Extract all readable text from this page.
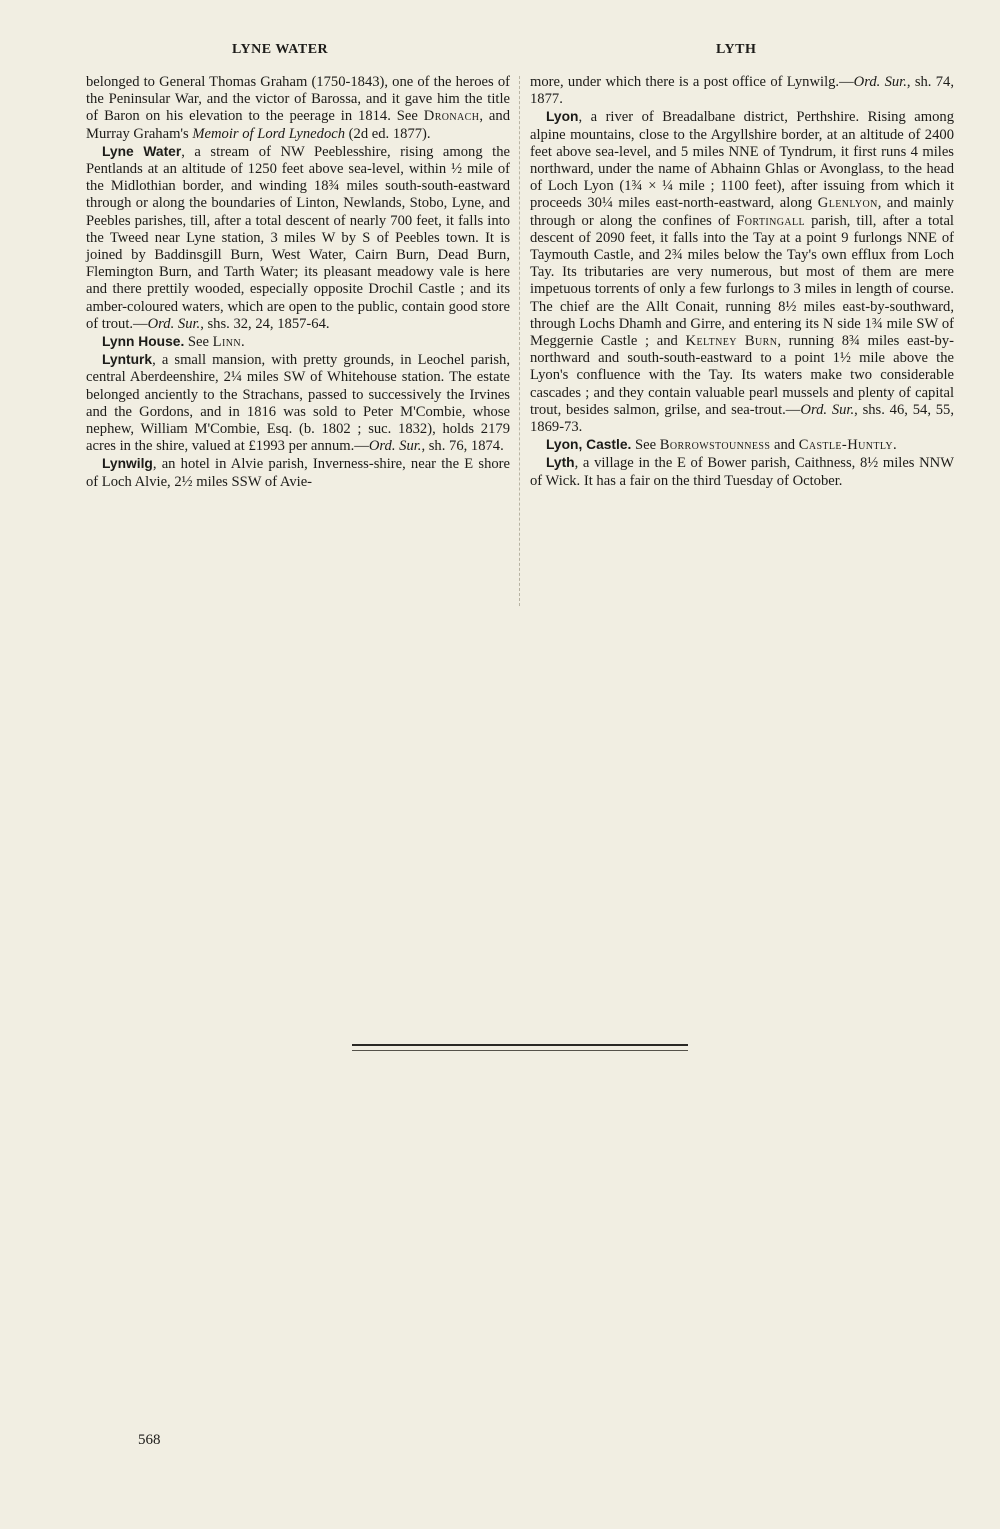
LYNE WATER	LYTH

belonged to General Thomas Graham (1750-1843), one of the heroes of the Peninsular War, and the victor of Barossa, and it gave him the title of Baron on his elevation to the peerage in 1814. See Dronach, and Murray Graham's Memoir of Lord Lynedoch (2d ed. 1877).

Lyne Water, a stream of NW Peeblesshire, rising among the Pentlands at an altitude of 1250 feet above sea-level, within ½ mile of the Midlothian border, and winding 18¾ miles south-south-eastward through or along the boundaries of Linton, Newlands, Stobo, Lyne, and Peebles parishes, till, after a total descent of nearly 700 feet, it falls into the Tweed near Lyne station, 3 miles W by S of Peebles town. It is joined by Baddinsgill Burn, West Water, Cairn Burn, Dead Burn, Flemington Burn, and Tarth Water; its pleasant meadowy vale is here and there prettily wooded, especially opposite Drochil Castle ; and its amber-coloured waters, which are open to the public, contain good store of trout.—Ord. Sur., shs. 32, 24, 1857-64.

Lynn House. See Linn.

Lynturk, a small mansion, with pretty grounds, in Leochel parish, central Aberdeenshire, 2¼ miles SW of Whitehouse station. The estate belonged anciently to the Strachans, passed to successively the Irvines and the Gordons, and in 1816 was sold to Peter M'Combie, whose nephew, William M'Combie, Esq. (b. 1802 ; suc. 1832), holds 2179 acres in the shire, valued at £1993 per annum.—Ord. Sur., sh. 76, 1874.

Lynwilg, an hotel in Alvie parish, Inverness-shire, near the E shore of Loch Alvie, 2½ miles SSW of Avie-

more, under which there is a post office of Lynwilg.—Ord. Sur., sh. 74, 1877.

Lyon, a river of Breadalbane district, Perthshire. Rising among alpine mountains, close to the Argyllshire border, at an altitude of 2400 feet above sea-level, and 5 miles NNE of Tyndrum, it first runs 4 miles northward, under the name of Abhainn Ghlas or Avonglass, to the head of Loch Lyon (1¾ × ¼ mile ; 1100 feet), after issuing from which it proceeds 30¼ miles east-north-eastward, along Glenlyon, and mainly through or along the confines of Fortingall parish, till, after a total descent of 2090 feet, it falls into the Tay at a point 9 furlongs NNE of Taymouth Castle, and 2¾ miles below the Tay's own efflux from Loch Tay. Its tributaries are very numerous, but most of them are mere impetuous torrents of only a few furlongs to 3 miles in length of course. The chief are the Allt Conait, running 8½ miles east-by-southward, through Lochs Dhamh and Girre, and entering its N side 1¾ mile SW of Meggernie Castle ; and Keltney Burn, running 8¾ miles east-by-northward and south-south-eastward to a point 1½ mile above the Lyon's confluence with the Tay. Its waters make two considerable cascades ; and they contain valuable pearl mussels and plenty of capital trout, besides salmon, grilse, and sea-trout.—Ord. Sur., shs. 46, 54, 55, 1869-73.

Lyon, Castle. See Borrowstounness and Castle-Huntly.

Lyth, a village in the E of Bower parish, Caithness, 8½ miles NNW of Wick. It has a fair on the third Tuesday of October.

568
